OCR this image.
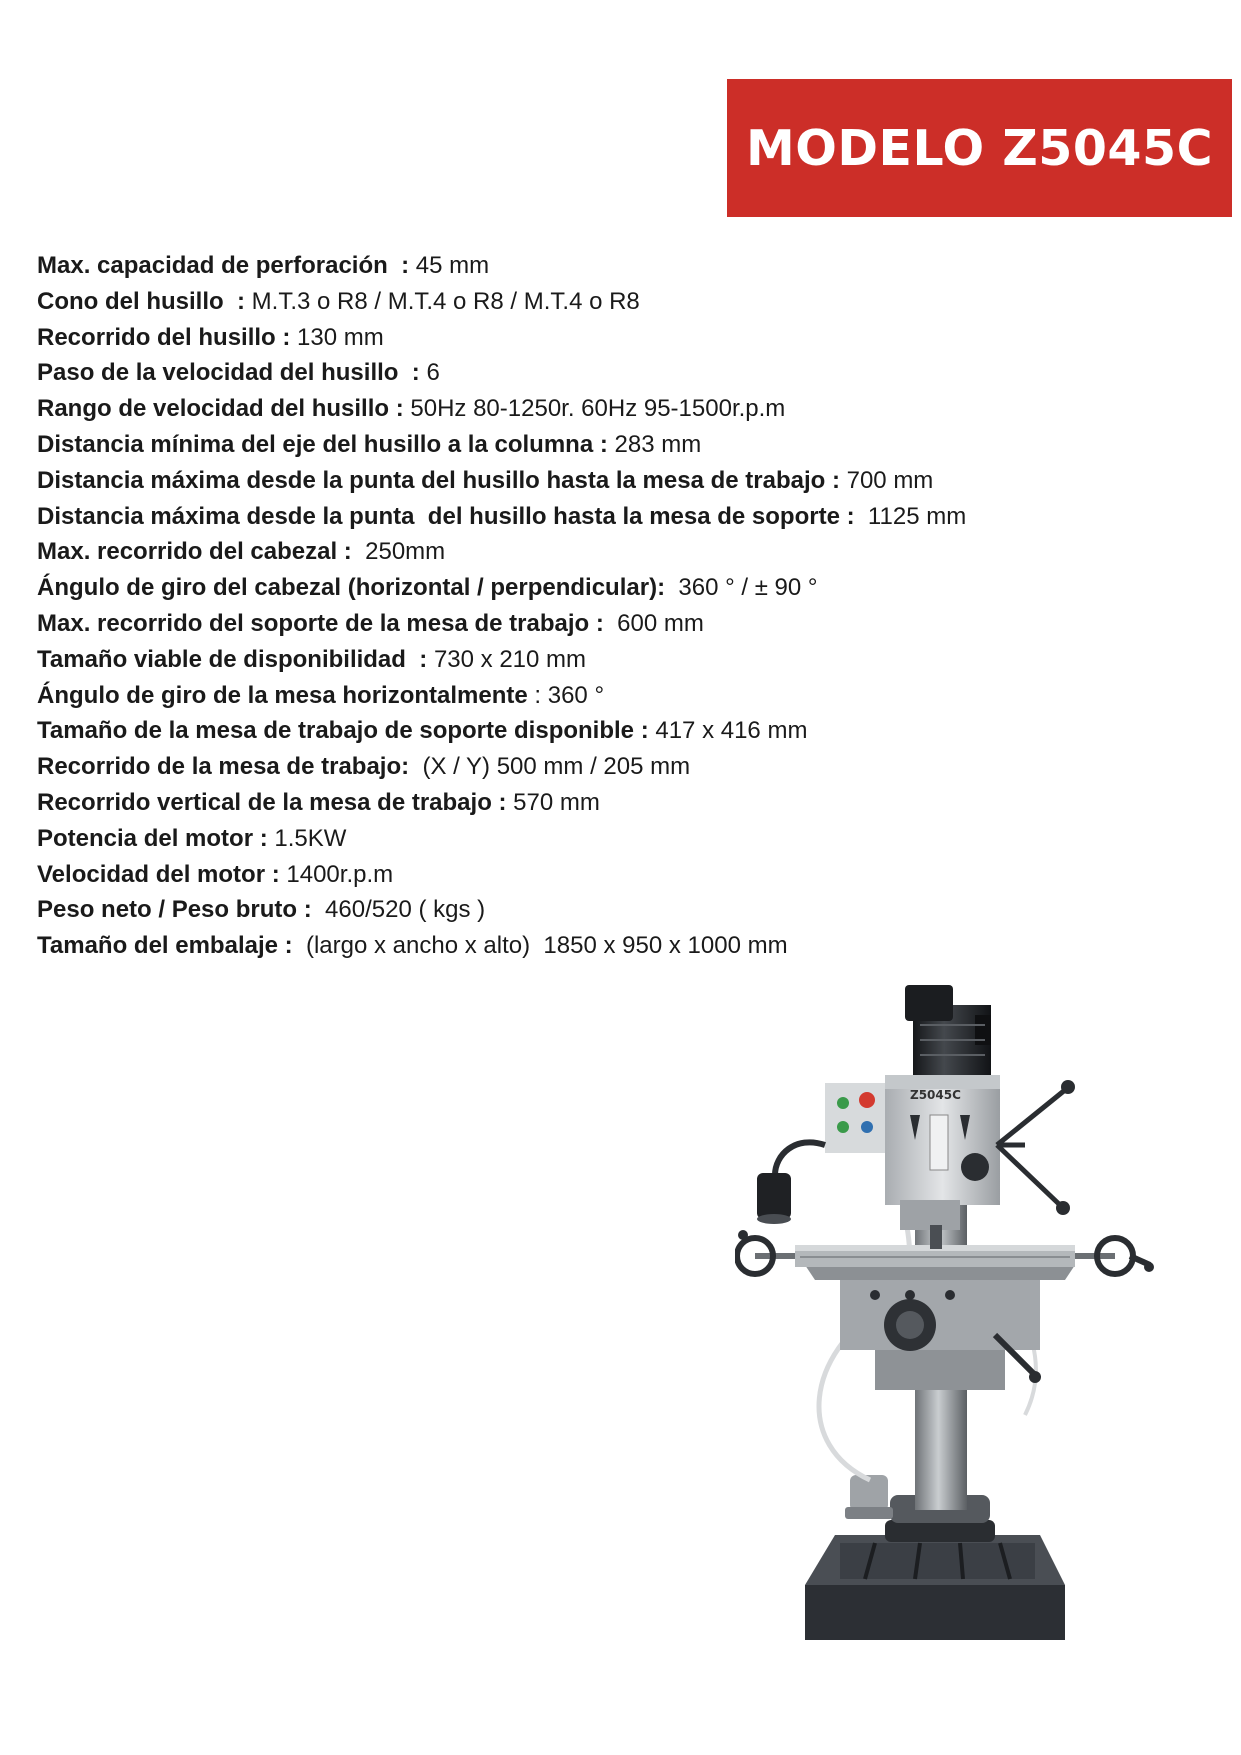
MODELO Z5045C
Max. capacidad de perforación  : 45 mm
Cono del husillo  : M.T.3 o R8 / M.T.4 o R8 / M.T.4 o R8
Recorrido del husillo : 130 mm
Paso de la velocidad del husillo  : 6
Rango de velocidad del husillo : 50Hz 80-1250r. 60Hz 95-1500r.p.m
Distancia mínima del eje del husillo a la columna : 283 mm
Distancia máxima desde la punta del husillo hasta la mesa de trabajo : 700 mm
Distancia máxima desde la punta  del husillo hasta la mesa de soporte :  1125 mm
Max. recorrido del cabezal :  250mm
Ángulo de giro del cabezal (horizontal / perpendicular):  360 ° / ± 90 °
Max. recorrido del soporte de la mesa de trabajo :  600 mm
Tamaño viable de disponibilidad  : 730 x 210 mm
Ángulo de giro de la mesa horizontalmente : 360 °
Tamaño de la mesa de trabajo de soporte disponible : 417 x 416 mm
Recorrido de la mesa de trabajo:  (X / Y) 500 mm / 205 mm
Recorrido vertical de la mesa de trabajo : 570 mm
Potencia del motor : 1.5KW
Velocidad del motor : 1400r.p.m
Peso neto / Peso bruto :  460/520 ( kgs )
Tamaño del embalaje :  (largo x ancho x alto)  1850 x 950 x 1000 mm
Z5045C
